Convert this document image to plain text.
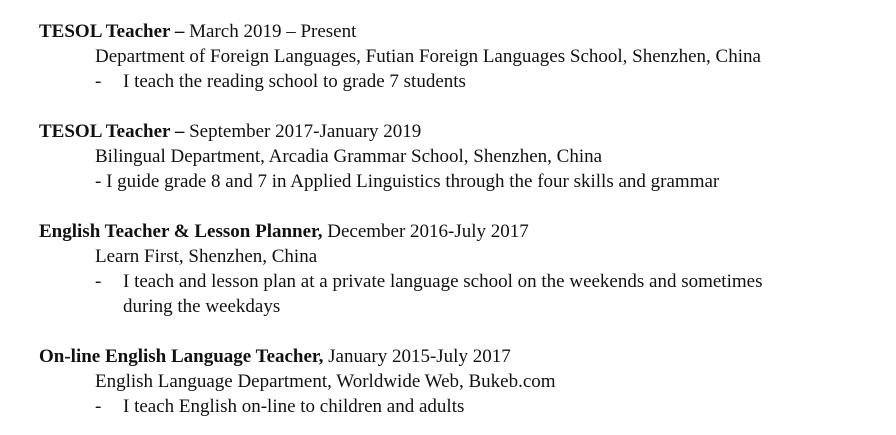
TESOL Teacher – March 2019 – Present
Department of Foreign Languages, Futian Foreign Languages School, Shenzhen, China
- I teach the reading school to grade 7 students
TESOL Teacher – September 2017-January 2019
Bilingual Department, Arcadia Grammar School, Shenzhen, China
- I guide grade 8 and 7 in Applied Linguistics through the four skills and grammar
English Teacher & Lesson Planner, December 2016-July 2017
Learn First, Shenzhen, China
- I teach and lesson plan at a private language school on the weekends and sometimes
during the weekdays
On-line English Language Teacher, January 2015-July 2017
English Language Department, Worldwide Web, Bukeb.com
- I teach English on-line to children and adults
